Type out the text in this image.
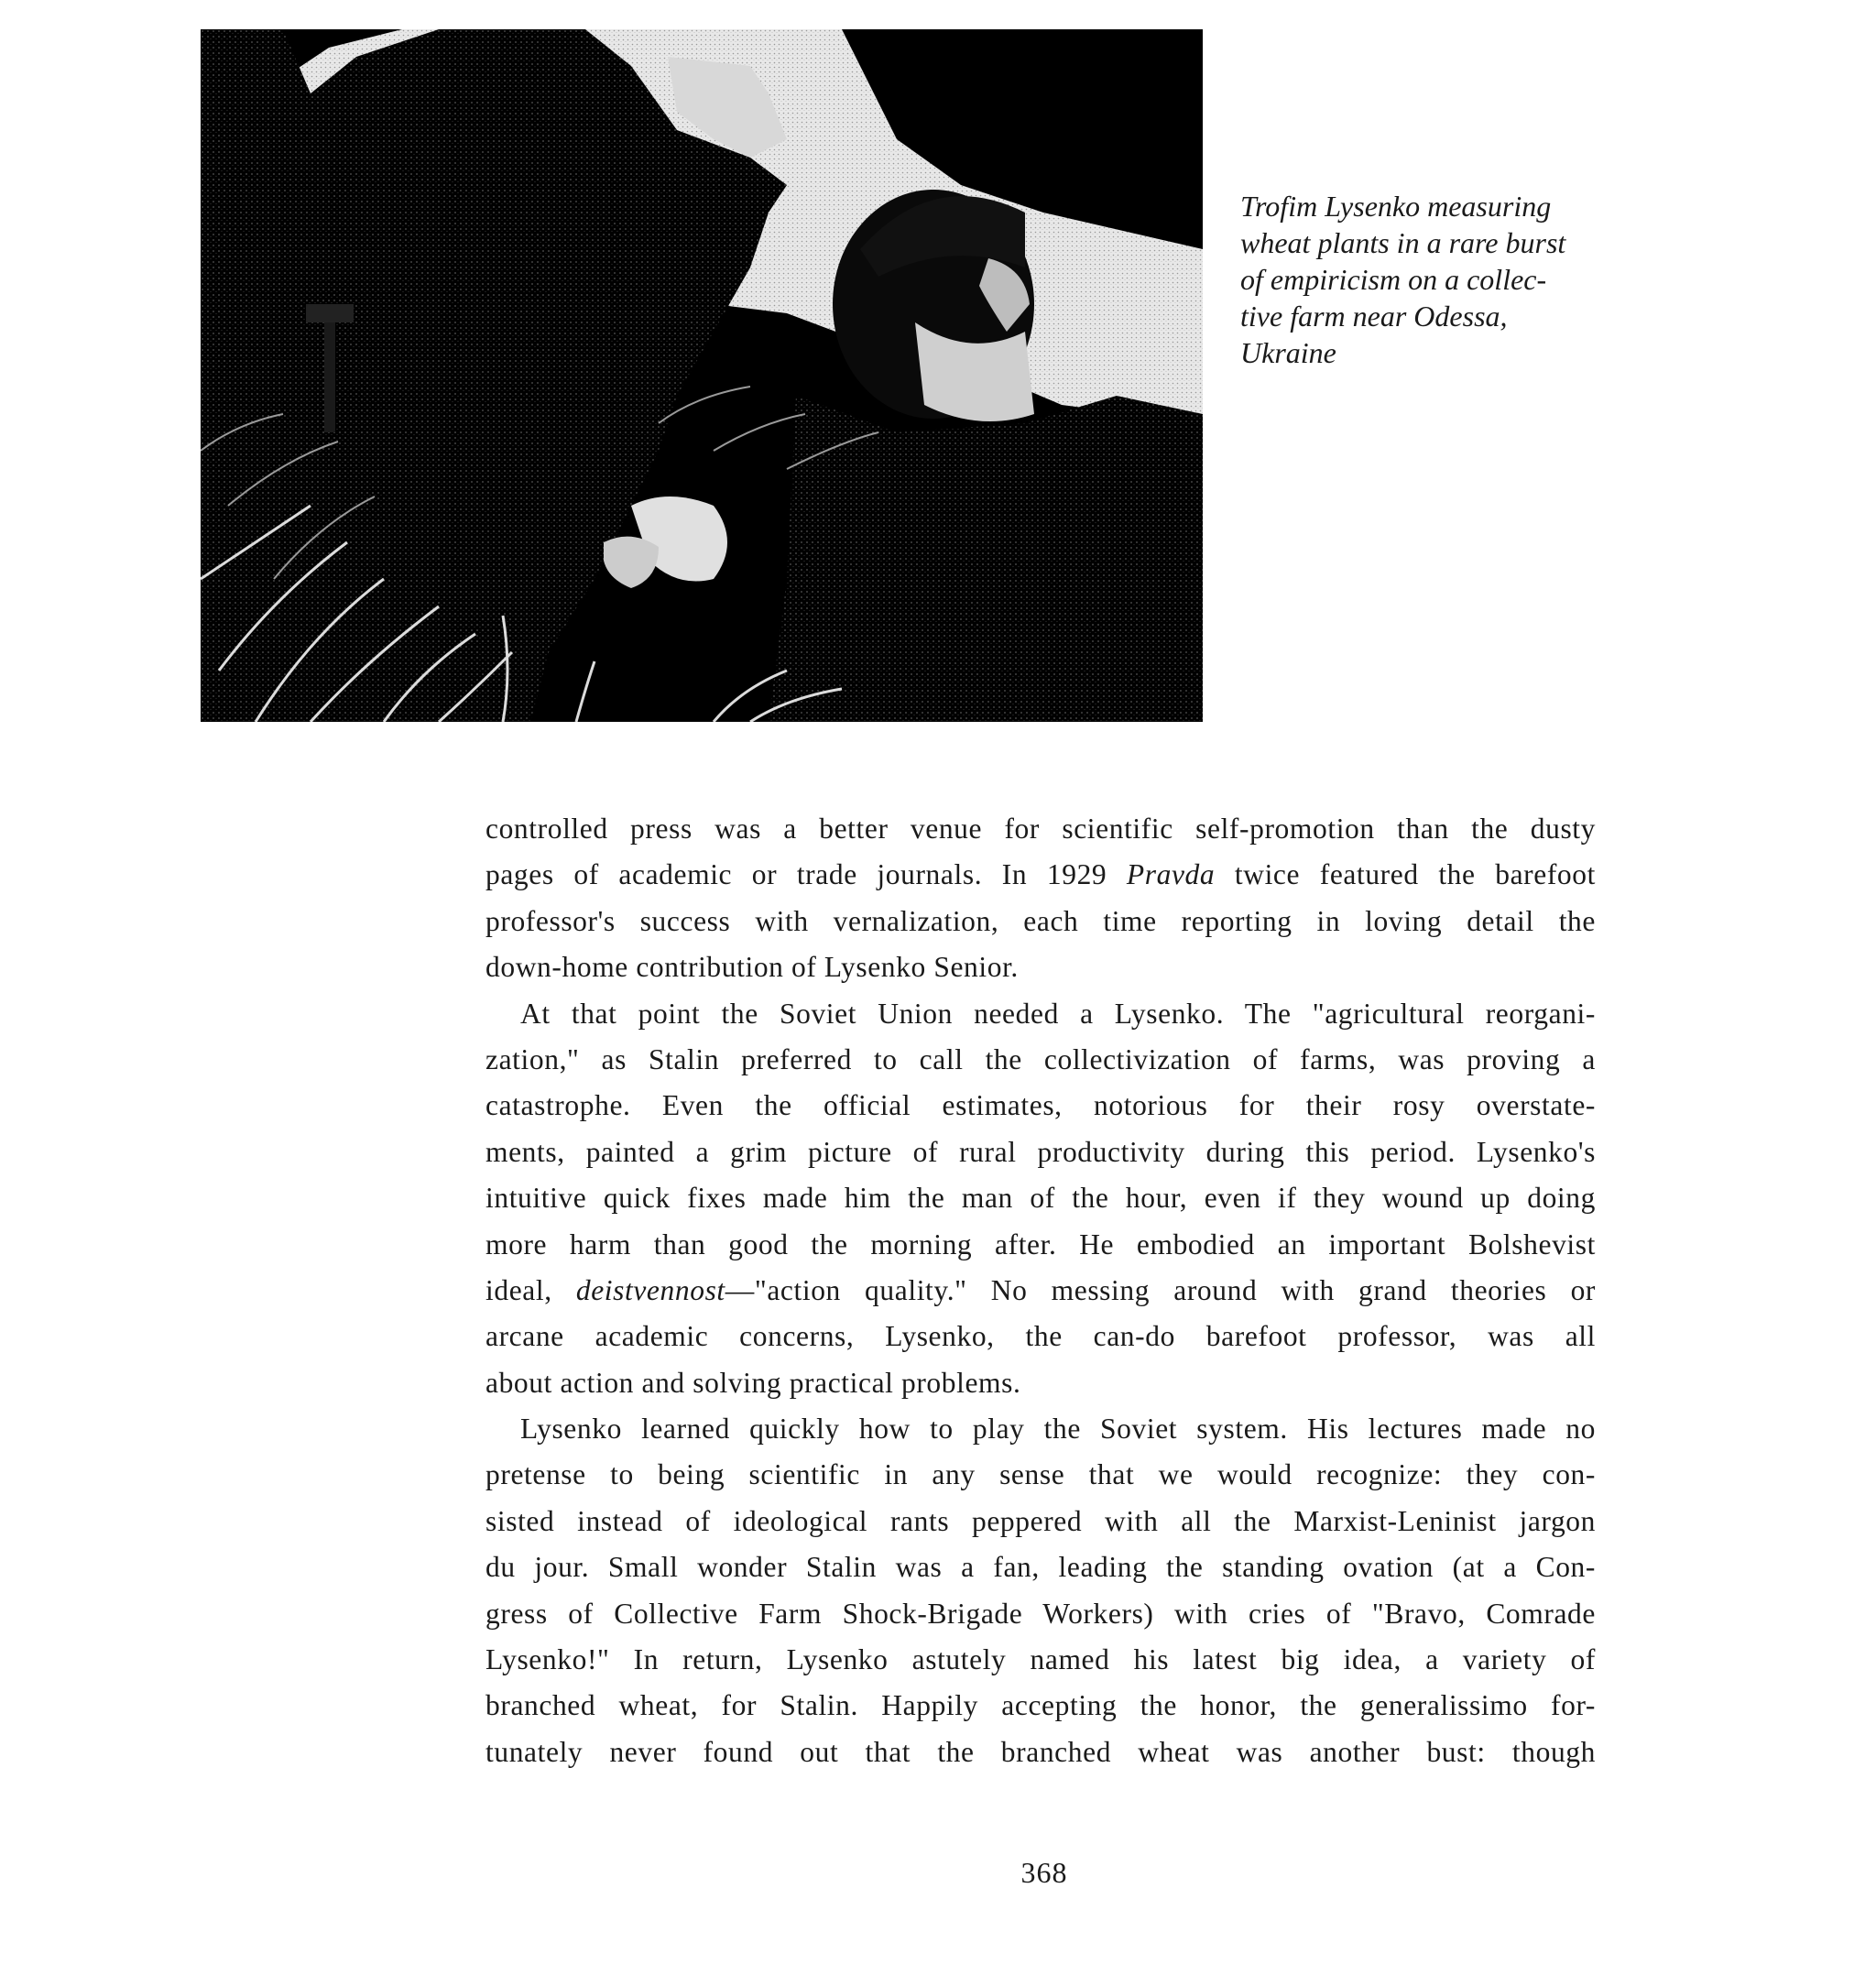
Trofim Lysenko measuring
wheat plants in a rare burst
of empiricism on a collec-
tive farm near Odessa,
Ukraine
controlled press was a better venue for scientific self-promotion than the dusty
pages of academic or trade journals. In 1929 Pravda twice featured the barefoot
professor's success with vernalization, each time reporting in loving detail the
down-home contribution of Lysenko Senior.
At that point the Soviet Union needed a Lysenko. The "agricultural reorgani-
zation," as Stalin preferred to call the collectivization of farms, was proving a
catastrophe. Even the official estimates, notorious for their rosy overstate-
ments, painted a grim picture of rural productivity during this period. Lysenko's
intuitive quick fixes made him the man of the hour, even if they wound up doing
more harm than good the morning after. He embodied an important Bolshevist
ideal, deistvennost—"action quality." No messing around with grand theories or
arcane academic concerns, Lysenko, the can-do barefoot professor, was all
about action and solving practical problems.
Lysenko learned quickly how to play the Soviet system. His lectures made no
pretense to being scientific in any sense that we would recognize: they con-
sisted instead of ideological rants peppered with all the Marxist-Leninist jargon
du jour. Small wonder Stalin was a fan, leading the standing ovation (at a Con-
gress of Collective Farm Shock-Brigade Workers) with cries of "Bravo, Comrade
Lysenko!" In return, Lysenko astutely named his latest big idea, a variety of
branched wheat, for Stalin. Happily accepting the honor, the generalissimo for-
tunately never found out that the branched wheat was another bust: though
368
